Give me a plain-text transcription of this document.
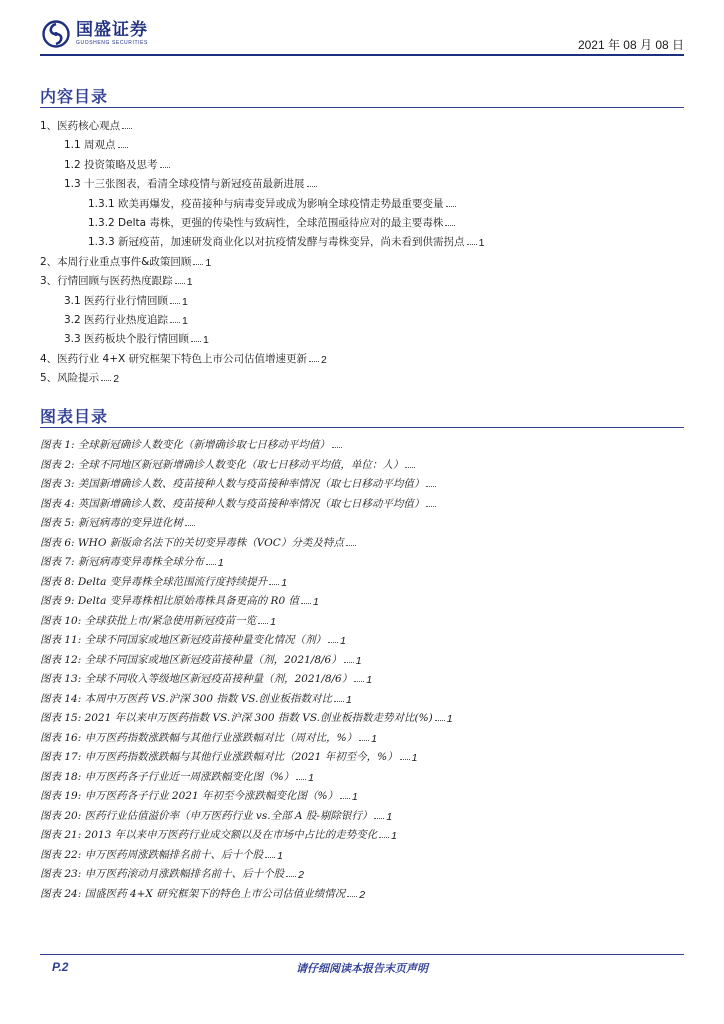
国盛证券
GUOSHENG SECURITIES	2021 年 08 月 08 日
内容目录
1、医药核心观点
1.1 周观点
1.2 投资策略及思考
1.3 十三张图表，看清全球疫情与新冠疫苗最新进展
1.3.1 欧美再爆发，疫苗接种与病毒变异或成为影响全球疫情走势最重要变量
1.3.2 Delta 毒株，更强的传染性与致病性，全球范围亟待应对的最主要毒株
1.3.3 新冠疫苗，加速研发商业化以对抗疫情发酵与毒株变异，尚未看到供需拐点 1
2、本周行业重点事件&政策回顾 1
3、行情回顾与医药热度跟踪 1
3.1 医药行业行情回顾 1
3.2 医药行业热度追踪 1
3.3 医药板块个股行情回顾 1
4、医药行业 4+X 研究框架下特色上市公司估值增速更新 2
5、风险提示 2
图表目录
图表 1: 全球新冠确诊人数变化（新增确诊取七日移动平均值）
图表 2: 全球不同地区新冠新增确诊人数变化（取七日移动平均值，单位：人）
图表 3: 美国新增确诊人数、疫苗接种人数与疫苗接种率情况（取七日移动平均值）
图表 4: 英国新增确诊人数、疫苗接种人数与疫苗接种率情况（取七日移动平均值）
图表 5: 新冠病毒的变异进化树
图表 6: WHO 新版命名法下的关切变异毒株（VOC）分类及特点
图表 7: 新冠病毒变异毒株全球分布 1
图表 8: Delta 变异毒株全球范围流行度持续提升 1
图表 9: Delta 变异毒株相比原始毒株具备更高的 R0 值 1
图表 10: 全球获批上市/紧急使用新冠疫苗一览 1
图表 11: 全球不同国家或地区新冠疫苗接种量变化情况（剂） 1
图表 12: 全球不同国家或地区新冠疫苗接种量（剂，2021/8/6） 1
图表 13: 全球不同收入等级地区新冠疫苗接种量（剂，2021/8/6） 1
图表 14: 本周中万医药 VS.沪深 300 指数 VS.创业板指数对比 1
图表 15: 2021 年以来申万医药指数 VS.沪深 300 指数 VS.创业板指数走势对比(%) 1
图表 16: 申万医药指数涨跌幅与其他行业涨跌幅对比（周对比，%） 1
图表 17: 申万医药指数涨跌幅与其他行业涨跌幅对比（2021 年初至今，%） 1
图表 18: 申万医药各子行业近一周涨跌幅变化图（%） 1
图表 19: 申万医药各子行业 2021 年初至今涨跌幅变化图（%） 1
图表 20: 医药行业估值溢价率（申万医药行业 vs.全部 A 股-剔除银行） 1
图表 21: 2013 年以来申万医药行业成交额以及在市场中占比的走势变化 1
图表 22: 申万医药周涨跌幅排名前十、后十个股 1
图表 23: 申万医药滚动月涨跌幅排名前十、后十个股 2
图表 24: 国盛医药 4+X 研究框架下的特色上市公司估值业绩情况 2
P.2	请仔细阅读本报告末页声明
